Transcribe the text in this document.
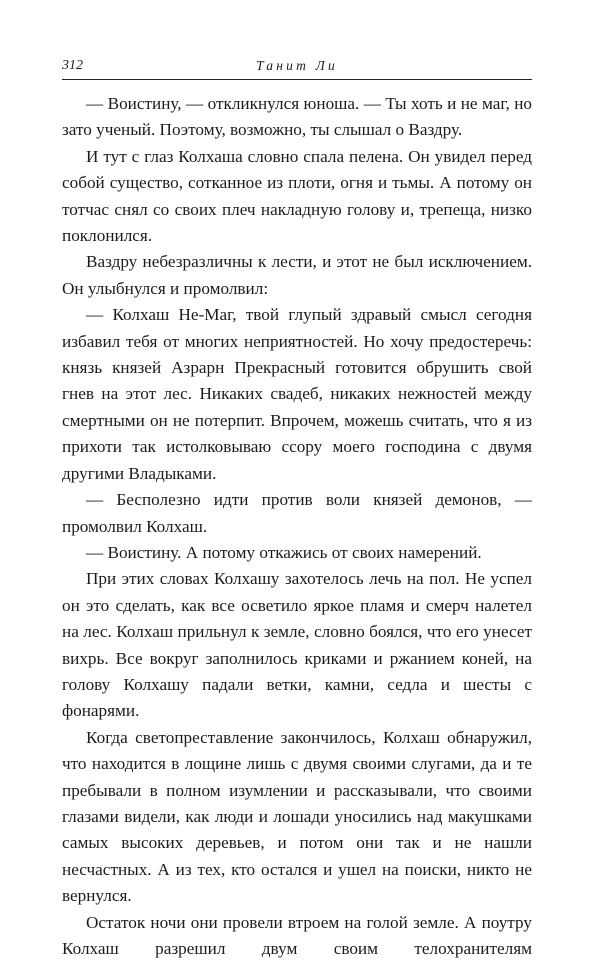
312	Танит Ли

— Воистину, — откликнулся юноша. — Ты хоть и не маг, но зато ученый. Поэтому, возможно, ты слышал о Ваздру.

И тут с глаз Колхаша словно спала пелена. Он увидел перед собой существо, сотканное из плоти, огня и тьмы. А потому он тотчас снял со своих плеч накладную голову и, трепеща, низко поклонился.

Ваздру небезразличны к лести, и этот не был исключением. Он улыбнулся и промолвил:

— Колхаш Не-Маг, твой глупый здравый смысл сегодня избавил тебя от многих неприятностей. Но хочу предостеречь: князь князей Азрарн Прекрасный готовится обрушить свой гнев на этот лес. Никаких свадеб, никаких нежностей между смертными он не потерпит. Впрочем, можешь считать, что я из прихоти так истолковываю ссору моего господина с двумя другими Владыками.

— Бесполезно идти против воли князей демонов, — промолвил Колхаш.

— Воистину. А потому откажись от своих намерений.

При этих словах Колхашу захотелось лечь на пол. Не успел он это сделать, как все осветило яркое пламя и смерч налетел на лес. Колхаш прильнул к земле, словно боялся, что его унесет вихрь. Все вокруг заполнилось криками и ржанием коней, на голову Колхашу падали ветки, камни, седла и шесты с фонарями.

Когда светопреставление закончилось, Колхаш обнаружил, что находится в лощине лишь с двумя своими слугами, да и те пребывали в полном изумлении и рассказывали, что своими глазами видели, как люди и лошади уносились над макушками самых высоких деревьев, и потом они так и не нашли несчастных. А из тех, кто остался и ушел на поиски, никто не вернулся.

Остаток ночи они провели втроем на голой земле. А поутру Колхаш разрешил двум своим телохранителям
